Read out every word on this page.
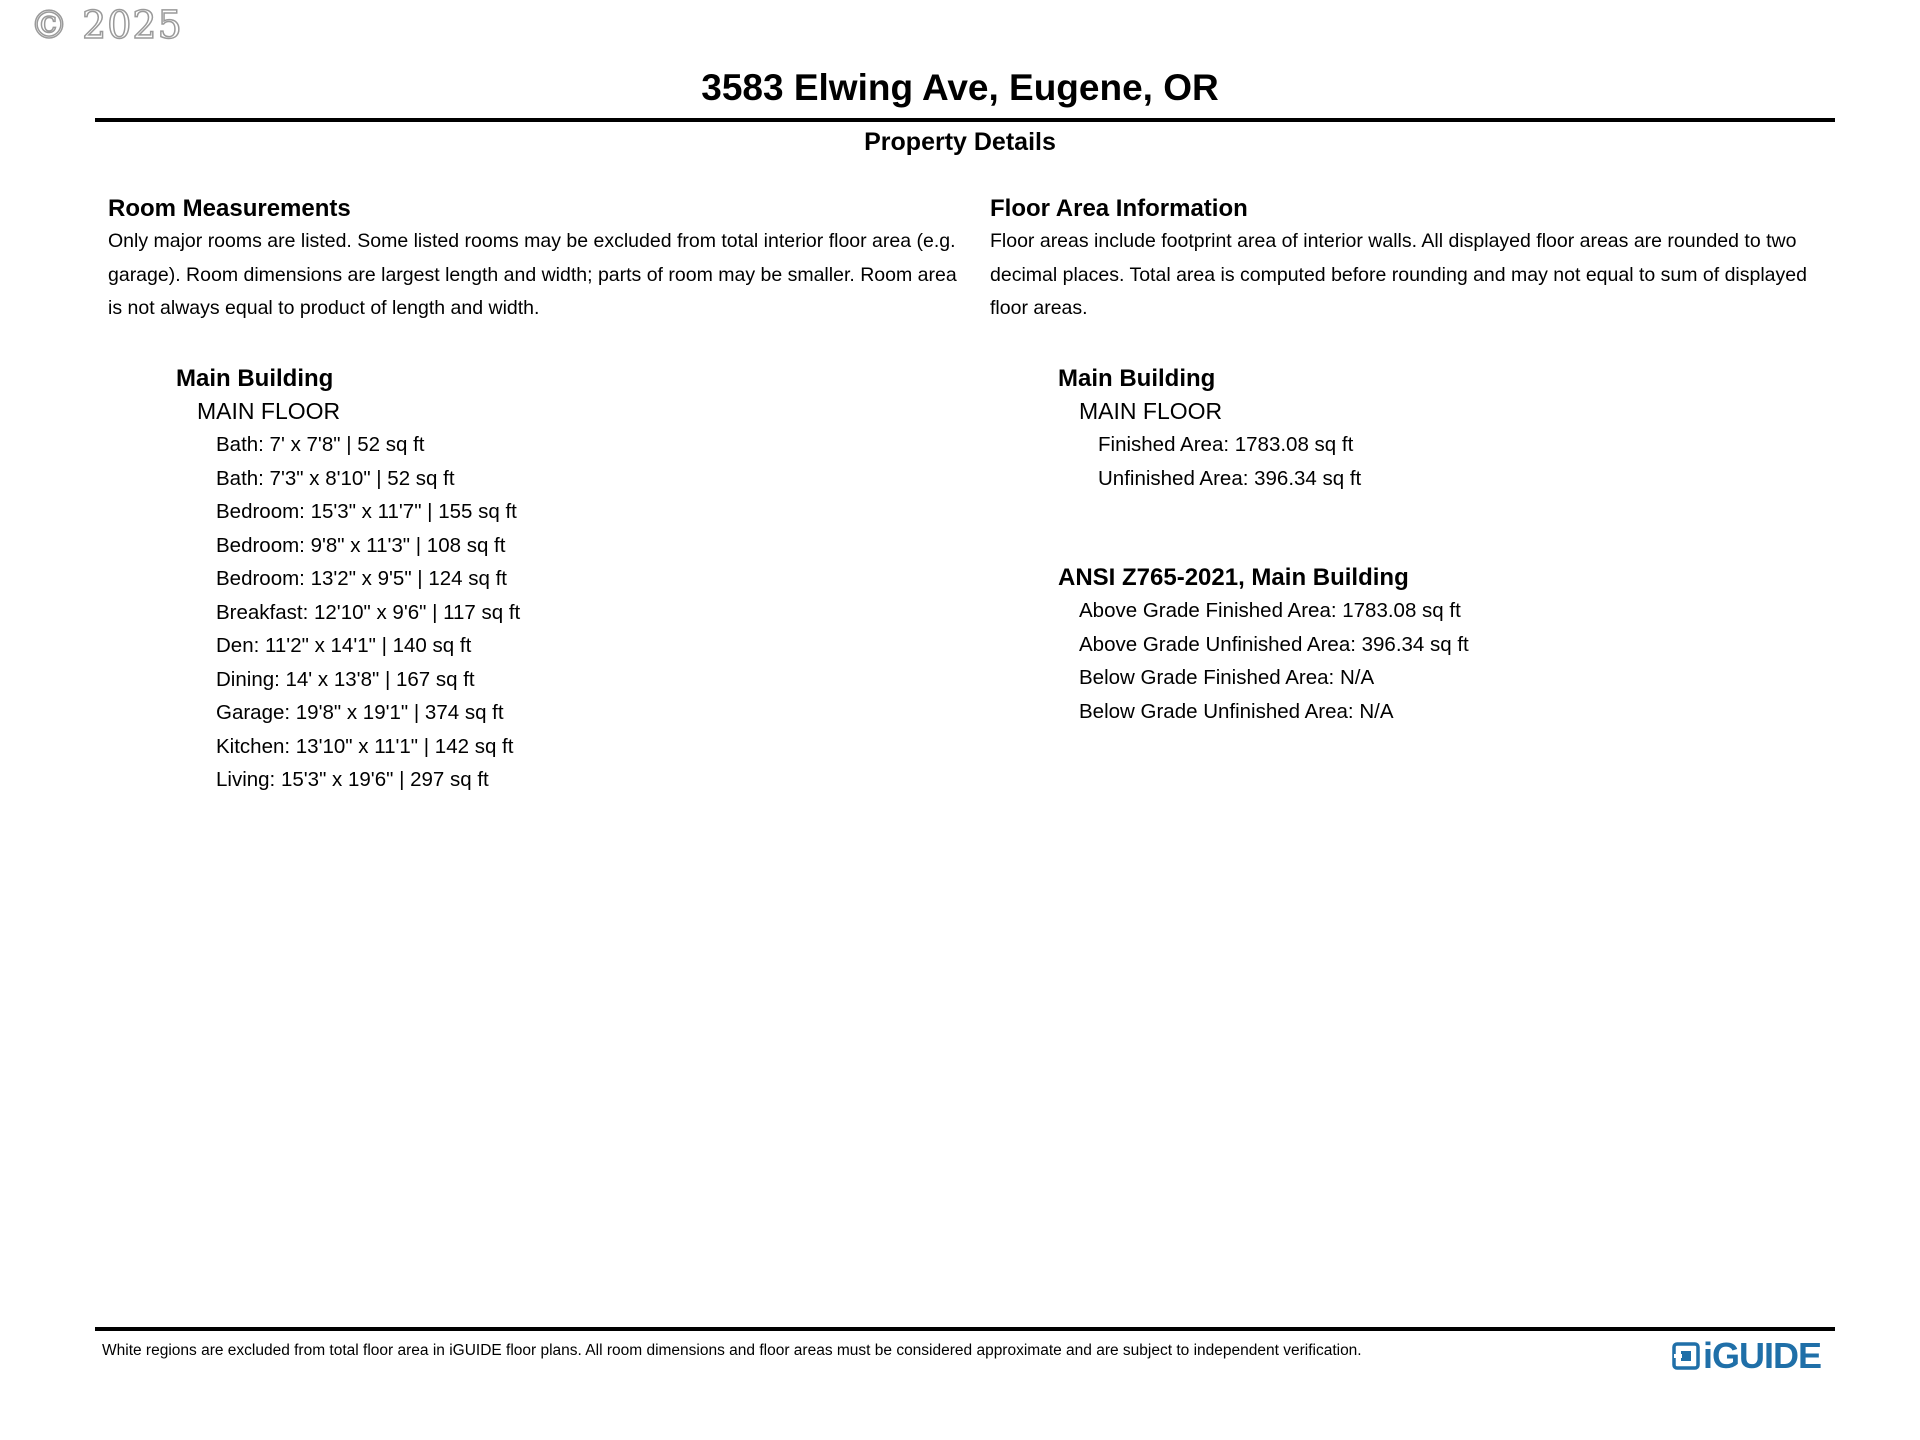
© 2025
3583 Elwing Ave, Eugene, OR
Property Details
Room Measurements

Only major rooms are listed. Some listed rooms may be excluded from total interior floor area (e.g. garage). Room dimensions are largest length and width; parts of room may be smaller. Room area is not always equal to product of length and width.

Main Building
MAIN FLOOR
Bath: 7' x 7'8" | 52 sq ft
Bath: 7'3" x 8'10" | 52 sq ft
Bedroom: 15'3" x 11'7" | 155 sq ft
Bedroom: 9'8" x 11'3" | 108 sq ft
Bedroom: 13'2" x 9'5" | 124 sq ft
Breakfast: 12'10" x 9'6" | 117 sq ft
Den: 11'2" x 14'1" | 140 sq ft
Dining: 14' x 13'8" | 167 sq ft
Garage: 19'8" x 19'1" | 374 sq ft
Kitchen: 13'10" x 11'1" | 142 sq ft
Living: 15'3" x 19'6" | 297 sq ft
Floor Area Information

Floor areas include footprint area of interior walls. All displayed floor areas are rounded to two decimal places. Total area is computed before rounding and may not equal to sum of displayed floor areas.

Main Building
MAIN FLOOR
Finished Area: 1783.08 sq ft
Unfinished Area: 396.34 sq ft
ANSI Z765-2021, Main Building
Above Grade Finished Area: 1783.08 sq ft
Above Grade Unfinished Area: 396.34 sq ft
Below Grade Finished Area: N/A
Below Grade Unfinished Area: N/A
White regions are excluded from total floor area in iGUIDE floor plans. All room dimensions and floor areas must be considered approximate and are subject to independent verification.	iGUIDE
